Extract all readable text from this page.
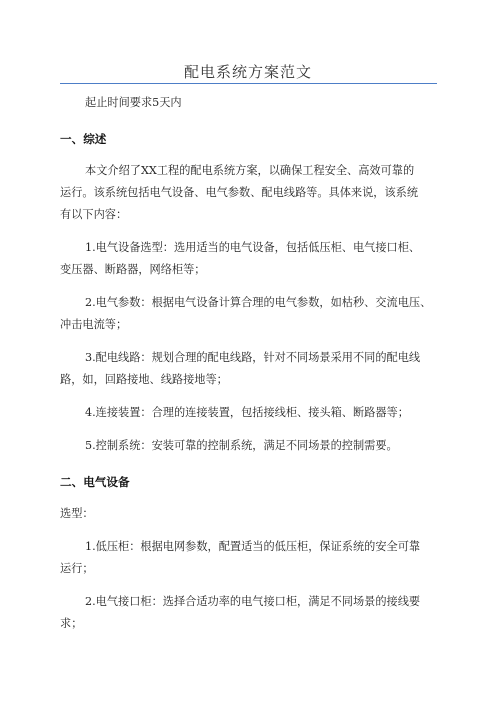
配电系统方案范文
起止时间要求5天内
一、综述
本文介绍了XX工程的配电系统方案，以确保工程安全、高效可靠的
运行。该系统包括电气设备、电气参数、配电线路等。具体来说，该系统
有以下内容：
1.电气设备选型：选用适当的电气设备，包括低压柜、电气接口柜、
变压器、断路器，网络柜等；
2.电气参数：根据电气设备计算合理的电气参数，如枯秒、交流电压、
冲击电流等；
3.配电线路：规划合理的配电线路，针对不同场景采用不同的配电线
路，如，回路接地、线路接地等；
4.连接装置：合理的连接装置，包括接线柜、接头箱、断路器等；
5.控制系统：安装可靠的控制系统，满足不同场景的控制需要。
二、电气设备
选型：
1.低压柜：根据电网参数，配置适当的低压柜，保证系统的安全可靠
运行；
2.电气接口柜：选择合适功率的电气接口柜，满足不同场景的接线要
求；
